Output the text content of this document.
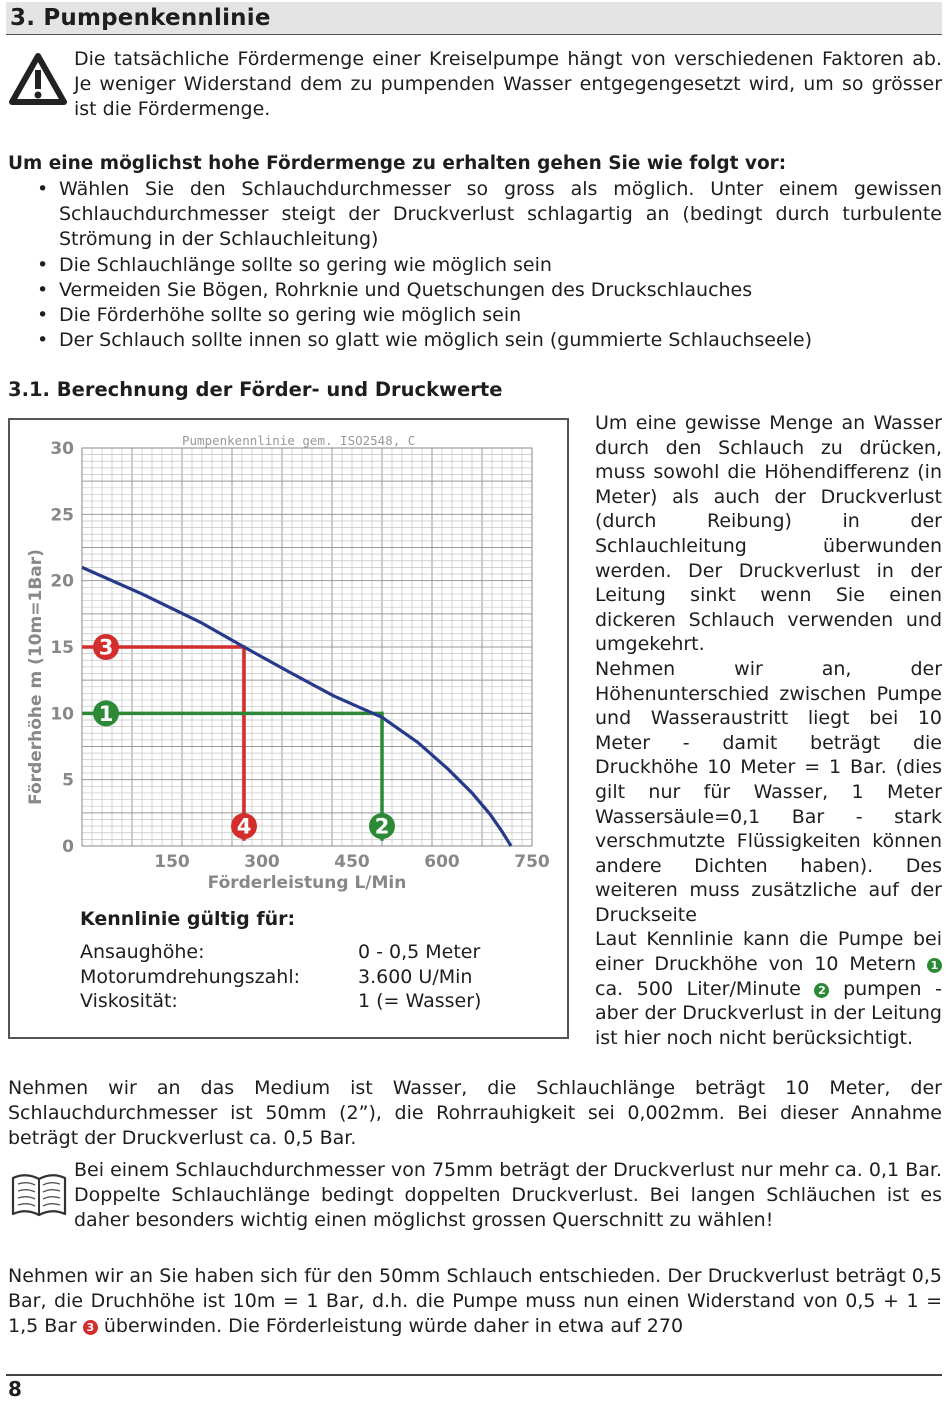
3. Pumpenkennlinie
Die tatsächliche Fördermenge einer Kreiselpumpe hängt von verschiedenen Faktoren ab. Je weniger Widerstand dem zu pumpenden Wasser entgegengesetzt wird, um so grösser ist die Fördermenge.
Um eine möglichst hohe Fördermenge zu erhalten gehen Sie wie folgt vor:
• Wählen Sie den Schlauchdurchmesser so gross als möglich. Unter einem gewissen Schlauchdurchmesser steigt der Druckverlust schlagartig an (bedingt durch turbulente Strömung in der Schlauchleitung)
• Die Schlauchlänge sollte so gering wie möglich sein
• Vermeiden Sie Bögen, Rohrknie und Quetschungen des Druckschlauches
• Die Förderhöhe sollte so gering wie möglich sein
• Der Schlauch sollte innen so glatt wie möglich sein (gummierte Schlauchseele)
3.1. Berechnung der Förder- und Druckwerte
150	300	450	600	750
0
5
10
15
20
25
30
Förderleistung L/Min
Förderhöhe m (10m=1Bar)
Pumpenkennlinie gem. ISO2548, C
1
2
3
4
Kennlinie gültig für:
Ansaughöhe:	0 - 0,5 Meter
Motorumdrehungszahl:	3.600 U/Min
Viskosität:	1 (= Wasser)

Um eine gewisse Menge an Wasser durch den Schlauch zu drücken, muss sowohl die Höhendifferenz (in Meter) als auch der Druckverlust (durch Reibung) in der Schlauchleitung überwunden werden. Der Druckverlust in der Leitung sinkt wenn Sie einen dickeren Schlauch verwenden und umgekehrt.

Nehmen wir an, der Höhenunterschied zwischen Pumpe und Wasseraustritt liegt bei 10 Meter - damit beträgt die Druckhöhe 10 Meter = 1 Bar. (dies gilt nur für Wasser, 1 Meter Wassersäule=0,1 Bar - stark verschmutzte Flüssigkeiten können andere Dichten haben). Des weiteren muss zusätzliche auf der Druckseite

Laut Kennlinie kann die Pumpe bei einer Druckhöhe von 10 Metern 1 ca. 500 Liter/Minute 2 pumpen - aber der Druckverlust in der Leitung ist hier noch nicht berücksichtigt.

Nehmen wir an das Medium ist Wasser, die Schlauchlänge beträgt 10 Meter, der Schlauchdurchmesser ist 50mm (2”), die Rohrrauhigkeit sei 0,002mm. Bei dieser Annahme beträgt der Druckverlust ca. 0,5 Bar.
Bei einem Schlauchdurchmesser von 75mm beträgt der Druckverlust nur mehr ca. 0,1 Bar. Doppelte Schlauchlänge bedingt doppelten Druckverlust. Bei langen Schläuchen ist es daher besonders wichtig einen möglichst grossen Querschnitt zu wählen!
Nehmen wir an Sie haben sich für den 50mm Schlauch entschieden. Der Druckverlust beträgt 0,5 Bar, die Druchhöhe ist 10m = 1 Bar, d.h. die Pumpe muss nun einen Widerstand von 0,5 + 1 = 1,5 Bar 3 überwinden. Die Förderleistung würde daher in etwa auf 270
8
